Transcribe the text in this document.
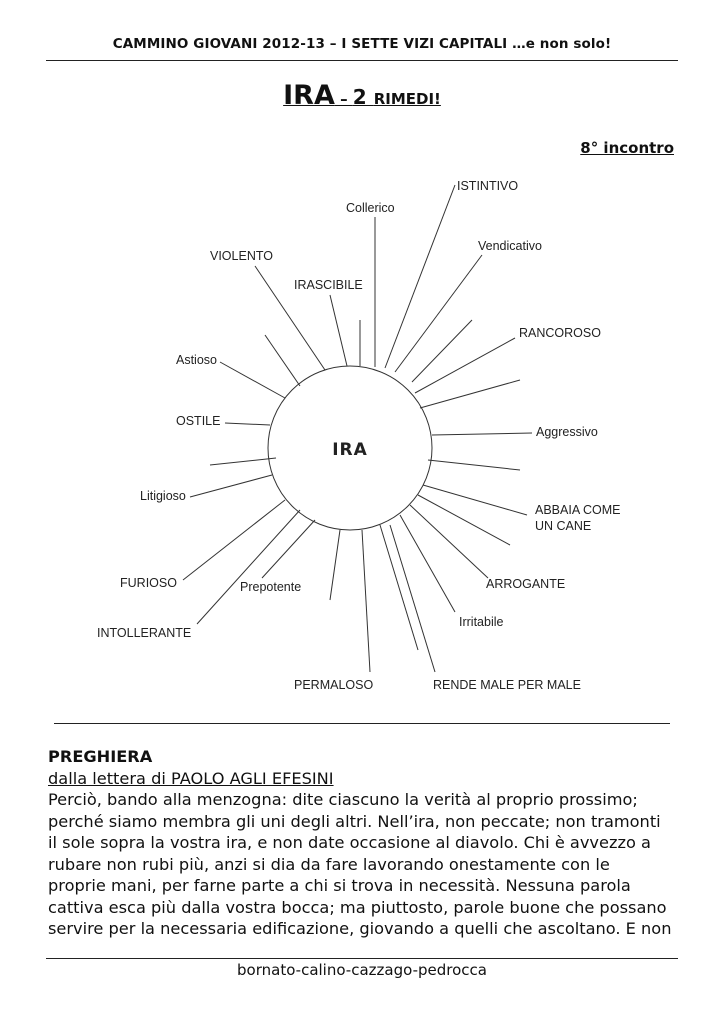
CAMMINO GIOVANI 2012-13 – I SETTE VIZI CAPITALI …e non solo!
IRA – 2 RIMEDI!
8° incontro
IRA
ISTINTIVO
Collerico
Vendicativo
VIOLENTO
IRASCIBILE
RANCOROSO
Astioso
OSTILE
Aggressivo
Litigioso
ABBAIA COME
UN CANE
FURIOSO	Prepotente	ARROGANTE
Irritabile
INTOLLERANTE
PERMALOSO	RENDE MALE PER MALE
PREGHIERA
dalla lettera di PAOLO AGLI EFESINI
Perciò, bando alla menzogna: dite ciascuno la verità al proprio prossimo;
perché siamo membra gli uni degli altri. Nell’ira, non peccate; non tramonti
il sole sopra la vostra ira, e non date occasione al diavolo. Chi è avvezzo a
rubare non rubi più, anzi si dia da fare lavorando onestamente con le
proprie mani, per farne parte a chi si trova in necessità. Nessuna parola
cattiva esca più dalla vostra bocca; ma piuttosto, parole buone che possano
servire per la necessaria edificazione, giovando a quelli che ascoltano. E non
bornato-calino-cazzago-pedrocca
